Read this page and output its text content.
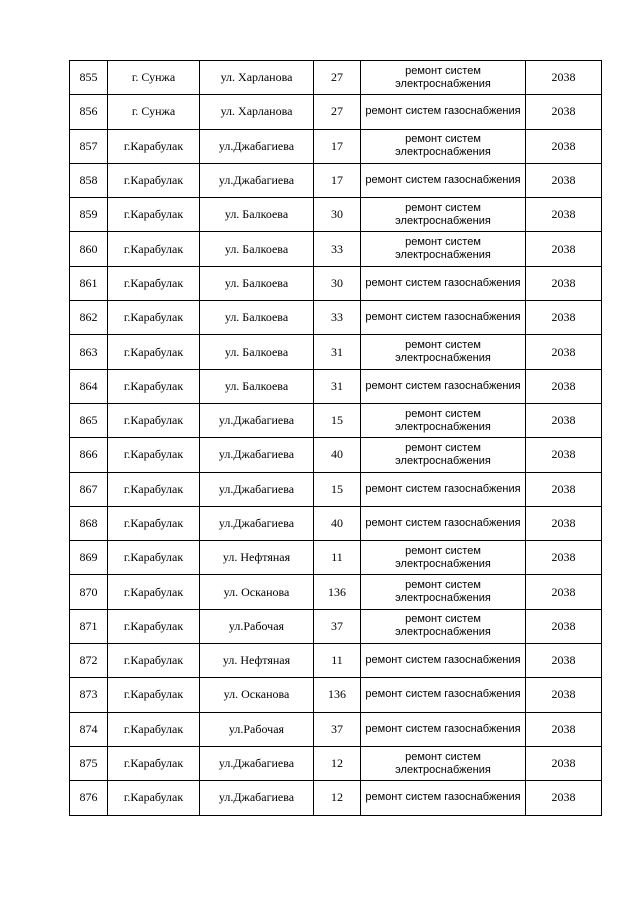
855	г. Сунжа	ул. Харланова	27	ремонт систем электроснабжения	2038
856	г. Сунжа	ул. Харланова	27	ремонт систем газоснабжения	2038
857	г.Карабулак	ул.Джабагиева	17	ремонт систем электроснабжения	2038
858	г.Карабулак	ул.Джабагиева	17	ремонт систем газоснабжения	2038
859	г.Карабулак	ул. Балкоева	30	ремонт систем электроснабжения	2038
860	г.Карабулак	ул. Балкоева	33	ремонт систем электроснабжения	2038
861	г.Карабулак	ул. Балкоева	30	ремонт систем газоснабжения	2038
862	г.Карабулак	ул. Балкоева	33	ремонт систем газоснабжения	2038
863	г.Карабулак	ул. Балкоева	31	ремонт систем электроснабжения	2038
864	г.Карабулак	ул. Балкоева	31	ремонт систем газоснабжения	2038
865	г.Карабулак	ул.Джабагиева	15	ремонт систем электроснабжения	2038
866	г.Карабулак	ул.Джабагиева	40	ремонт систем электроснабжения	2038
867	г.Карабулак	ул.Джабагиева	15	ремонт систем газоснабжения	2038
868	г.Карабулак	ул.Джабагиева	40	ремонт систем газоснабжения	2038
869	г.Карабулак	ул. Нефтяная	11	ремонт систем электроснабжения	2038
870	г.Карабулак	ул. Осканова	136	ремонт систем электроснабжения	2038
871	г.Карабулак	ул.Рабочая	37	ремонт систем электроснабжения	2038
872	г.Карабулак	ул. Нефтяная	11	ремонт систем газоснабжения	2038
873	г.Карабулак	ул. Осканова	136	ремонт систем газоснабжения	2038
874	г.Карабулак	ул.Рабочая	37	ремонт систем газоснабжения	2038
875	г.Карабулак	ул.Джабагиева	12	ремонт систем электроснабжения	2038
876	г.Карабулак	ул.Джабагиева	12	ремонт систем газоснабжения	2038
